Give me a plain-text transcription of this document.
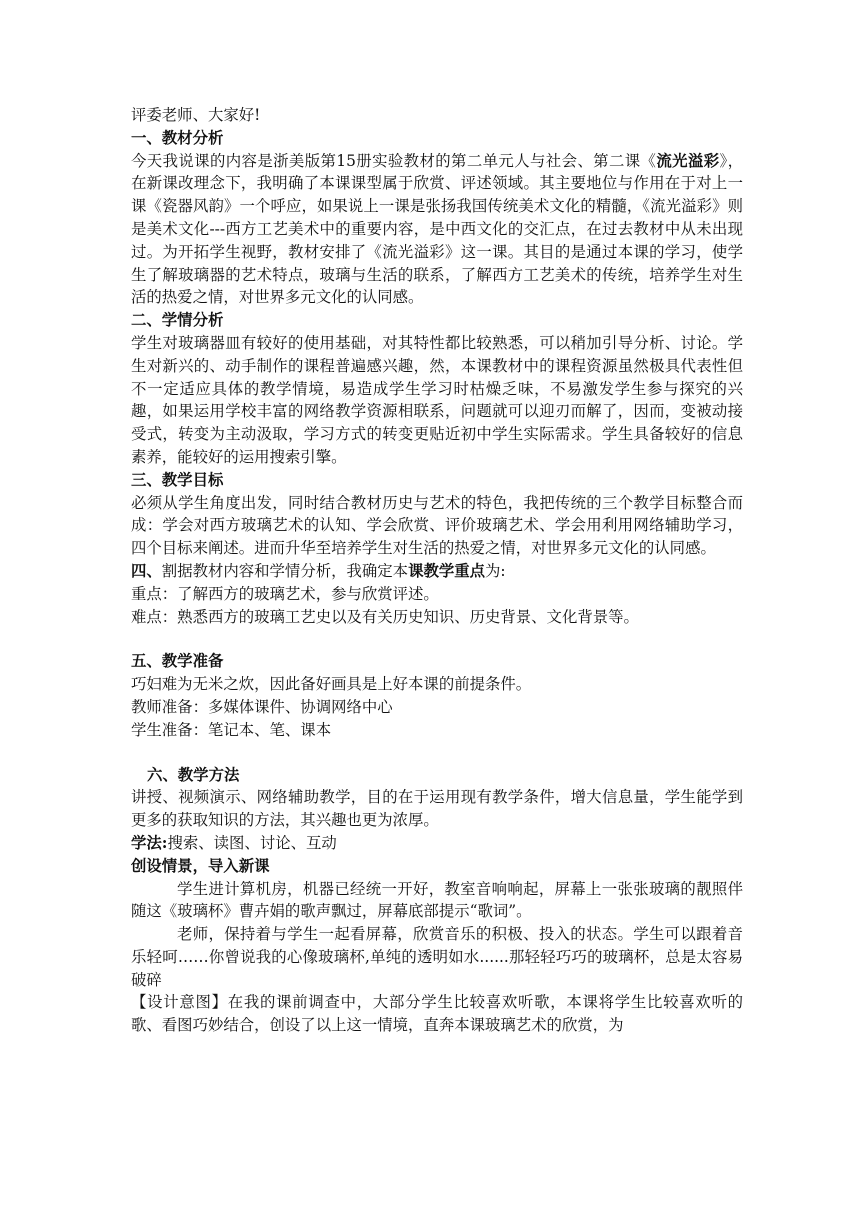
评委老师、大家好!

一、教材分析

今天我说课的内容是浙美版第15册实验教材的第二单元人与社会、第二课《流光溢彩》，在新课改理念下，我明确了本课课型属于欣赏、评述领域。其主要地位与作用在于对上一课《瓷器风韵》一个呼应，如果说上一课是张扬我国传统美术文化的精髓，《流光溢彩》则是美术文化---西方工艺美术中的重要内容，是中西文化的交汇点，在过去教材中从未出现过。为开拓学生视野，教材安排了《流光溢彩》这一课。其目的是通过本课的学习，使学生了解玻璃器的艺术特点，玻璃与生活的联系，了解西方工艺美术的传统，培养学生对生活的热爱之情，对世界多元文化的认同感。

二、学情分析

学生对玻璃器皿有较好的使用基础，对其特性都比较熟悉，可以稍加引导分析、讨论。学生对新兴的、动手制作的课程普遍感兴趣，然，本课教材中的课程资源虽然极具代表性但不一定适应具体的教学情境，易造成学生学习时枯燥乏味，不易激发学生参与探究的兴趣，如果运用学校丰富的网络教学资源相联系，问题就可以迎刃而解了，因而，变被动接受式，转变为主动汲取，学习方式的转变更贴近初中学生实际需求。学生具备较好的信息素养，能较好的运用搜索引擎。

三、教学目标

必须从学生角度出发，同时结合教材历史与艺术的特色，我把传统的三个教学目标整合而成：学会对西方玻璃艺术的认知、学会欣赏、评价玻璃艺术、学会用利用网络辅助学习，四个目标来阐述。进而升华至培养学生对生活的热爱之情，对世界多元文化的认同感。

四、割据教材内容和学情分析，我确定本课教学重点为:

重点：了解西方的玻璃艺术，参与欣赏评述。

难点：熟悉西方的玻璃工艺史以及有关历史知识、历史背景、文化背景等。

五、教学准备

巧妇难为无米之炊，因此备好画具是上好本课的前提条件。

教师准备：多媒体课件、协调网络中心

学生准备：笔记本、笔、课本

六、教学方法

讲授、视频演示、网络辅助教学，目的在于运用现有教学条件，增大信息量，学生能学到更多的获取知识的方法，其兴趣也更为浓厚。

学法:搜索、读图、讨论、互动

创设情景，导入新课

学生进计算机房，机器已经统一开好，教室音响响起，屏幕上一张张玻璃的靓照伴随这《玻璃杯》曹卉娟的歌声飘过，屏幕底部提示“歌词”。

老师，保持着与学生一起看屏幕，欣赏音乐的积极、投入的状态。学生可以跟着音乐轻呵……你曾说我的心像玻璃杯,单纯的透明如水......那轻轻巧巧的玻璃杯，总是太容易破碎

【设计意图】在我的课前调查中，大部分学生比较喜欢听歌，本课将学生比较喜欢听的歌、看图巧妙结合，创设了以上这一情境，直奔本课玻璃艺术的欣赏，为
